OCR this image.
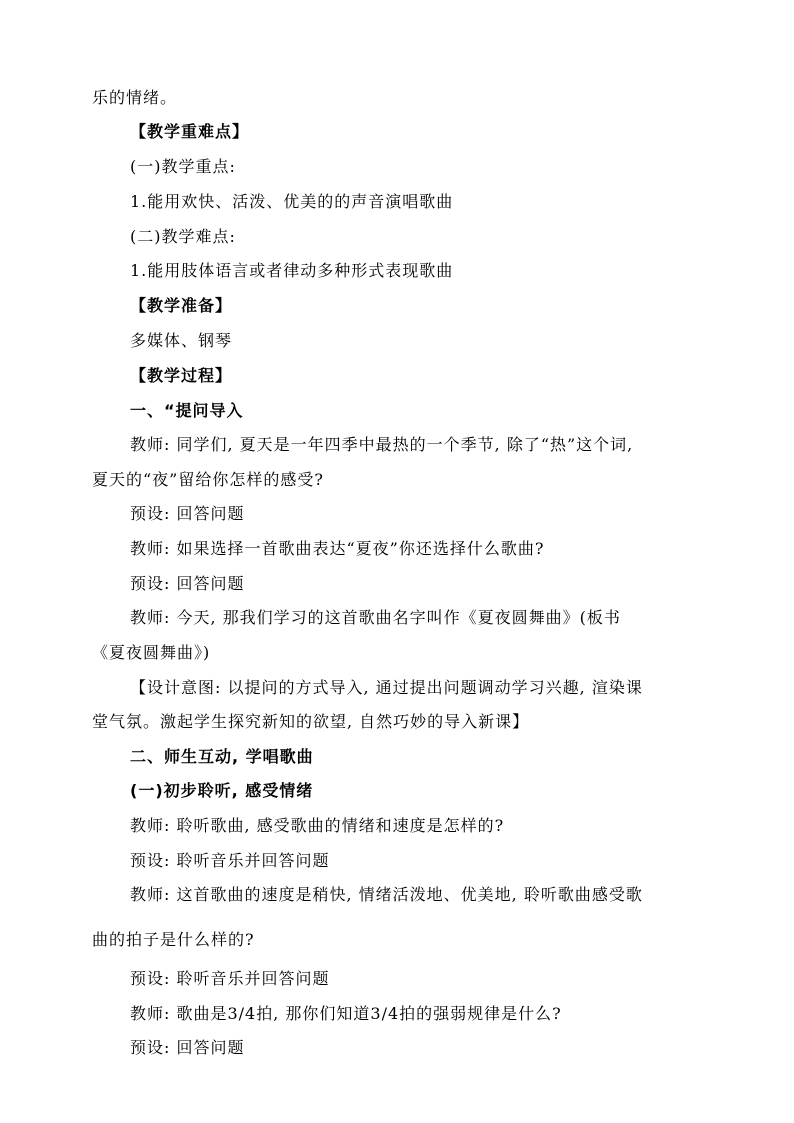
乐的情绪。
【教学重难点】
(一)教学重点:
1.能用欢快、活泼、优美的的声音演唱歌曲
(二)教学难点:
1.能用肢体语言或者律动多种形式表现歌曲
【教学准备】
多媒体、钢琴
【教学过程】
一、“提问导入
教师: 同学们, 夏天是一年四季中最热的一个季节, 除了“热”这个词,
夏天的“夜”留给你怎样的感受?
预设: 回答问题
教师: 如果选择一首歌曲表达“夏夜”你还选择什么歌曲?
预设: 回答问题
教师: 今天, 那我们学习的这首歌曲名字叫作《夏夜圆舞曲》(板书
《夏夜圆舞曲》)
【设计意图: 以提问的方式导入, 通过提出问题调动学习兴趣, 渲染课
堂气氛。激起学生探究新知的欲望, 自然巧妙的导入新课】
二、师生互动, 学唱歌曲
(一)初步聆听, 感受情绪
教师: 聆听歌曲, 感受歌曲的情绪和速度是怎样的?
预设: 聆听音乐并回答问题
教师: 这首歌曲的速度是稍快, 情绪活泼地、优美地, 聆听歌曲感受歌
曲的拍子是什么样的?
预设: 聆听音乐并回答问题
教师: 歌曲是3/4拍, 那你们知道3/4拍的强弱规律是什么?
预设: 回答问题
